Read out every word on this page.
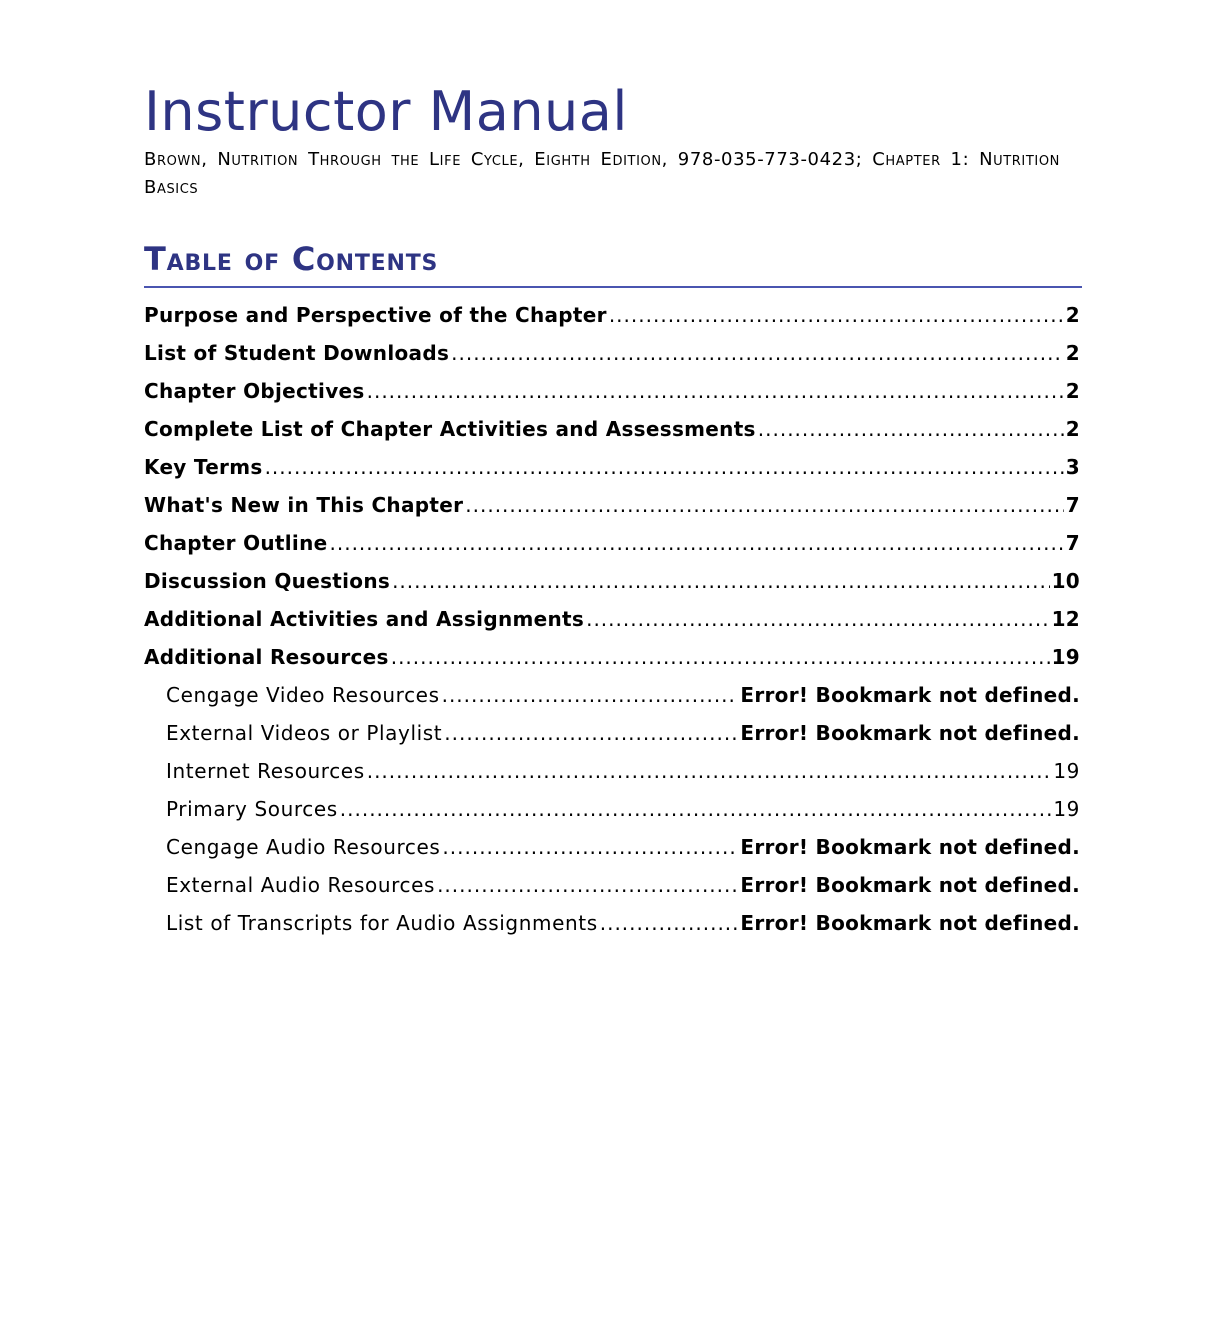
Instructor Manual

Brown, Nutrition Through the Life Cycle, Eighth Edition, 978-035-773-0423; Chapter 1: Nutrition Basics

Table of Contents
Purpose and Perspective of the Chapter .....	2
List of Student Downloads .....	2
Chapter Objectives .....	2
Complete List of Chapter Activities and Assessments .....	2
Key Terms .....	3
What's New in This Chapter .....	7
Chapter Outline .....	7
Discussion Questions .....	10
Additional Activities and Assignments .....	12
Additional Resources .....	19
Cengage Video Resources .....	Error! Bookmark not defined.
External Videos or Playlist .....	Error! Bookmark not defined.
Internet Resources .....	19
Primary Sources .....	19
Cengage Audio Resources .....	Error! Bookmark not defined.
External Audio Resources .....	Error! Bookmark not defined.
List of Transcripts for Audio Assignments .....	Error! Bookmark not defined.
